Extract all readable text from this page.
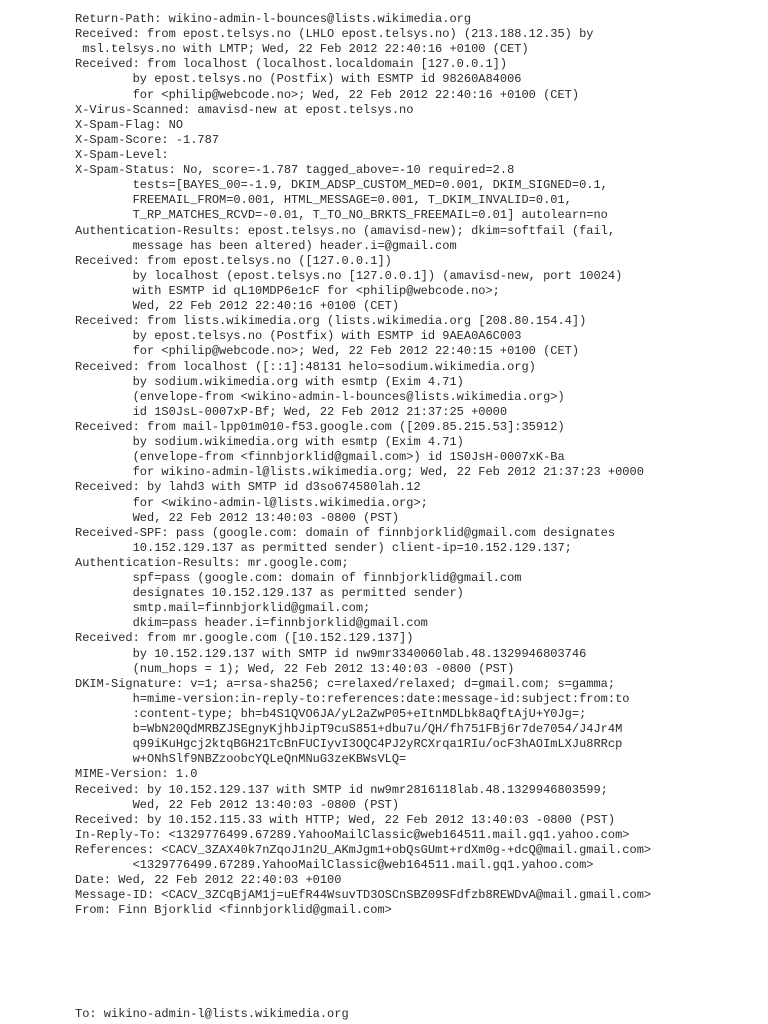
Return-Path: wikino-admin-l-bounces@lists.wikimedia.org
Received: from epost.telsys.no (LHLO epost.telsys.no) (213.188.12.35) by
msl.telsys.no with LMTP; Wed, 22 Feb 2012 22:40:16 +0100 (CET)
Received: from localhost (localhost.localdomain [127.0.0.1])
by epost.telsys.no (Postfix) with ESMTP id 98260A84006
for <philip@webcode.no>; Wed, 22 Feb 2012 22:40:16 +0100 (CET)
X-Virus-Scanned: amavisd-new at epost.telsys.no
X-Spam-Flag: NO
X-Spam-Score: -1.787
X-Spam-Level:
X-Spam-Status: No, score=-1.787 tagged_above=-10 required=2.8
tests=[BAYES_00=-1.9, DKIM_ADSP_CUSTOM_MED=0.001, DKIM_SIGNED=0.1,
FREEMAIL_FROM=0.001, HTML_MESSAGE=0.001, T_DKIM_INVALID=0.01,
T_RP_MATCHES_RCVD=-0.01, T_TO_NO_BRKTS_FREEMAIL=0.01] autolearn=no
Authentication-Results: epost.telsys.no (amavisd-new); dkim=softfail (fail,
message has been altered) header.i=@gmail.com
Received: from epost.telsys.no ([127.0.0.1])
by localhost (epost.telsys.no [127.0.0.1]) (amavisd-new, port 10024)
with ESMTP id qL10MDP6e1cF for <philip@webcode.no>;
Wed, 22 Feb 2012 22:40:16 +0100 (CET)
Received: from lists.wikimedia.org (lists.wikimedia.org [208.80.154.4])
by epost.telsys.no (Postfix) with ESMTP id 9AEA0A6C003
for <philip@webcode.no>; Wed, 22 Feb 2012 22:40:15 +0100 (CET)
Received: from localhost ([::1]:48131 helo=sodium.wikimedia.org)
by sodium.wikimedia.org with esmtp (Exim 4.71)
(envelope-from <wikino-admin-l-bounces@lists.wikimedia.org>)
id 1S0JsL-0007xP-Bf; Wed, 22 Feb 2012 21:37:25 +0000
Received: from mail-lpp01m010-f53.google.com ([209.85.215.53]:35912)
by sodium.wikimedia.org with esmtp (Exim 4.71)
(envelope-from <finnbjorklid@gmail.com>) id 1S0JsH-0007xK-Ba
for wikino-admin-l@lists.wikimedia.org; Wed, 22 Feb 2012 21:37:23 +0000
Received: by lahd3 with SMTP id d3so674580lah.12
for <wikino-admin-l@lists.wikimedia.org>;
Wed, 22 Feb 2012 13:40:03 -0800 (PST)
Received-SPF: pass (google.com: domain of finnbjorklid@gmail.com designates
10.152.129.137 as permitted sender) client-ip=10.152.129.137;
Authentication-Results: mr.google.com;
spf=pass (google.com: domain of finnbjorklid@gmail.com
designates 10.152.129.137 as permitted sender)
smtp.mail=finnbjorklid@gmail.com;
dkim=pass header.i=finnbjorklid@gmail.com
Received: from mr.google.com ([10.152.129.137])
by 10.152.129.137 with SMTP id nw9mr3340060lab.48.1329946803746
(num_hops = 1); Wed, 22 Feb 2012 13:40:03 -0800 (PST)
DKIM-Signature: v=1; a=rsa-sha256; c=relaxed/relaxed; d=gmail.com; s=gamma;
h=mime-version:in-reply-to:references:date:message-id:subject:from:to
:content-type; bh=b4S1QVO6JA/yL2aZwP05+eItnMDLbk8aQftAjU+Y0Jg=;
b=WbN20QdMRBZJSEgnyKjhbJipT9cuS851+dbu7u/QH/fh751FBj6r7de7054/J4Jr4M
q99iKuHgcj2ktqBGH21TcBnFUCIyvI3OQC4PJ2yRCXrqa1RIu/ocF3hAOImLXJu8RRcp
w+ONhSlf9NBZzoobcYQLeQnMNuG3zeKBWsVLQ=
MIME-Version: 1.0
Received: by 10.152.129.137 with SMTP id nw9mr2816118lab.48.1329946803599;
Wed, 22 Feb 2012 13:40:03 -0800 (PST)
Received: by 10.152.115.33 with HTTP; Wed, 22 Feb 2012 13:40:03 -0800 (PST)
In-Reply-To: <1329776499.67289.YahooMailClassic@web164511.mail.gq1.yahoo.com>
References: <CACV_3ZAX40k7nZqoJ1n2U_AKmJgm1+obQsGUmt+rdXm0g-+dcQ@mail.gmail.com>
<1329776499.67289.YahooMailClassic@web164511.mail.gq1.yahoo.com>
Date: Wed, 22 Feb 2012 22:40:03 +0100
Message-ID: <CACV_3ZCqBjAM1j=uEfR44WsuvTD3OSCnSBZ09SFdfzb8REWDvA@mail.gmail.com>
From: Finn Bjorklid <finnbjorklid@gmail.com>
To: wikino-admin-l@lists.wikimedia.org
